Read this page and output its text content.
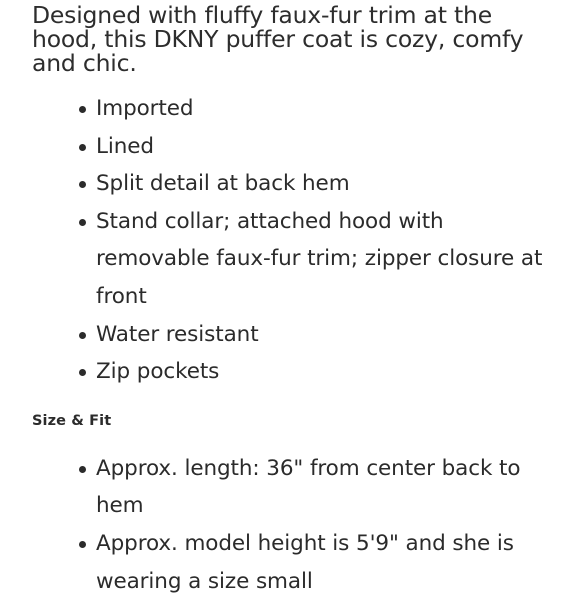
Designed with fluffy faux-fur trim at the hood, this DKNY puffer coat is cozy, comfy and chic.

Imported
Lined
Split detail at back hem
Stand collar; attached hood with removable faux-fur trim; zipper closure at front
Water resistant
Zip pockets
Size & Fit
Approx. length: 36" from center back to hem
Approx. model height is 5'9" and she is wearing a size small
